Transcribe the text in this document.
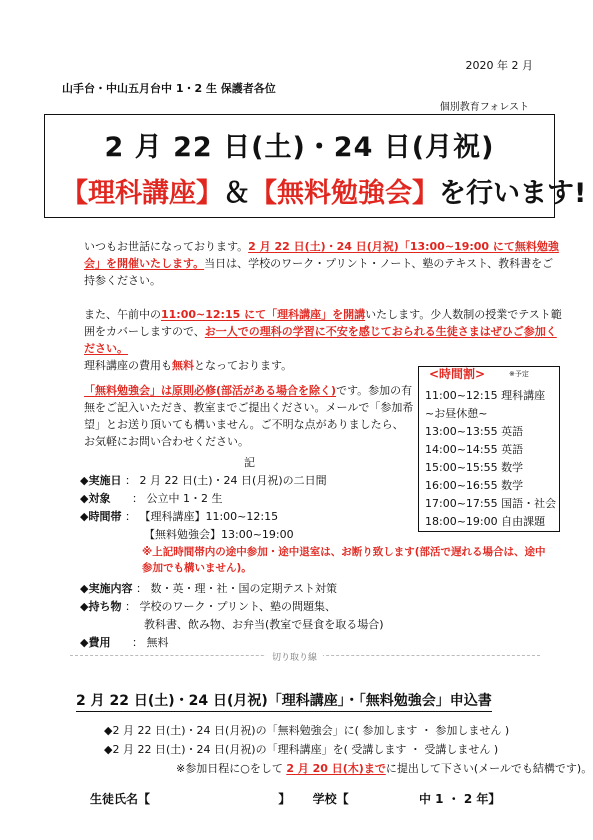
2020 年 2 月
山手台・中山五月台中 1・2 生 保護者各位
個別教育フォレスト
2 月 22 日(土)・24 日(月祝)
【理科講座】＆【無料勉強会】を行います!
いつもお世話になっております。2 月 22 日(土)・24 日(月祝)「13:00~19:00 にて無料勉強会」を開催いたします。当日は、学校のワーク・プリント・ノート、塾のテキスト、教科書をご持参ください。
また、午前中の11:00~12:15 にて「理科講座」を開講いたします。少人数制の授業でテスト範囲をカバーしますので、お一人での理科の学習に不安を感じておられる生徒さまはぜひご参加ください。
理科講座の費用も無料となっております。
「無料勉強会」は原則必修(部活がある場合を除く)です。参加の有無をご記入いただき、教室までご提出ください。メールで「参加希望」とお送り頂いても構いません。ご不明な点がありましたら、お気軽にお問い合わせください。
<時間割>	※予定
11:00~12:15 理科講座
~お昼休憩~
13:00~13:55 英語
14:00~14:55 英語
15:00~15:55 数学
16:00~16:55 数学
17:00~17:55 国語・社会
18:00~19:00 自由課題
記
◆実施日 ： 2 月 22 日(土)・24 日(月祝)の二日間
◆対象 ： 公立中 1・2 生
◆時間帯 ： 【理科講座】11:00~12:15
【無料勉強会】13:00~19:00
※上記時間帯内の途中参加・途中退室は、お断り致します(部活で遅れる場合は、途中
参加でも構いません)。
◆実施内容 ： 数・英・理・社・国の定期テスト対策
◆持ち物 ： 学校のワーク・プリント、塾の問題集、
教科書、飲み物、お弁当(教室で昼食を取る場合)
◆費用 ： 無料
切り取り線
2 月 22 日(土)・24 日(月祝)「理科講座」・「無料勉強会」申込書
◆2 月 22 日(土)・24 日(月祝)の「無料勉強会」に( 参加します ・ 参加しません )
◆2 月 22 日(土)・24 日(月祝)の「理科講座」を( 受講します ・ 受講しません )
※参加日程に○をして 2 月 20 日(木)までに提出して下さい(メールでも結構です)。
生徒氏名【	】 学校【	中 1 ・ 2 年】
